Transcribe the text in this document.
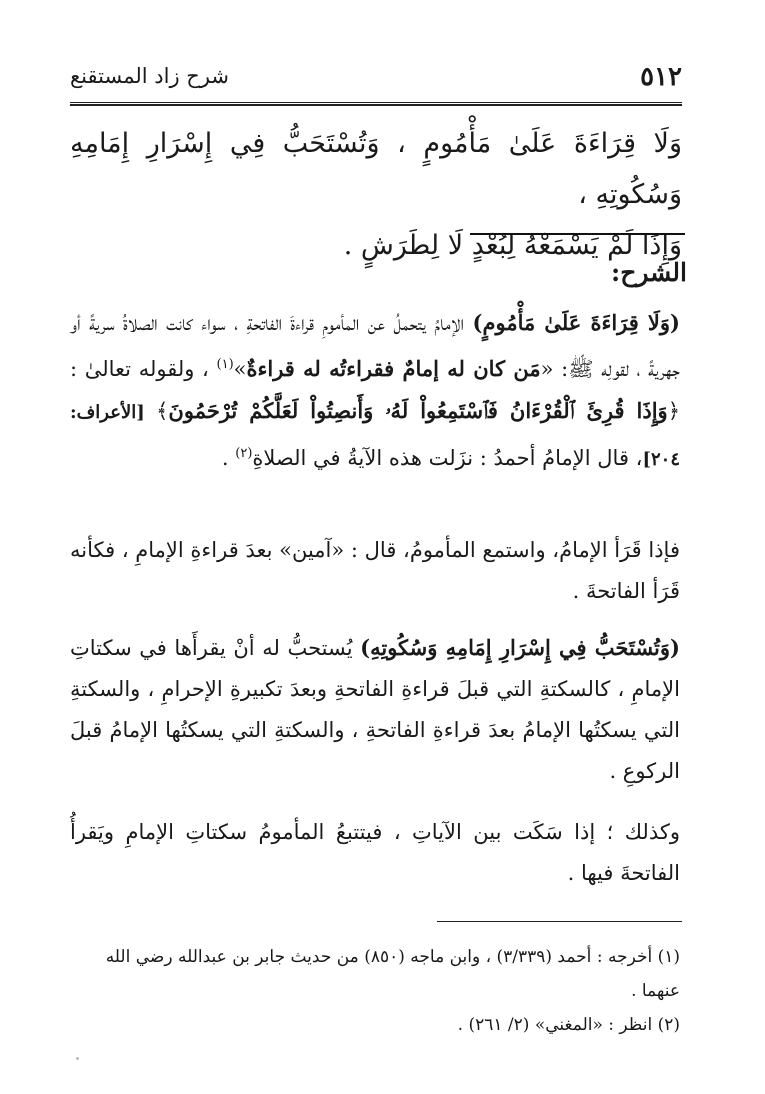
٥١٢
شرح زاد المستقنع
وَلَا قِرَاءَةَ عَلَىٰ مَأْمُومٍ ، وَتُسْتَحَبُّ فِي إِسْرَارِ إِمَامِهِ وَسُكُوتِهِ ،
وَإِذَا لَمْ يَسْمَعْهُ لِبُعْدٍ لَا لِطَرَشٍ .
الشرح:

(وَلَا قِرَاءَةَ عَلَىٰ مَأْمُومٍ) الإمامُ يتحملُ عن المأمومِ قراءةَ الفاتحةِ ، سواء كانت الصلاةُ سريةً أو جهريةً ، لقولِه ﷺ: «مَن كان له إمامٌ فقراءتُه له قراءةٌ»$^{(١)}$ ، ولقوله تعالىٰ : ﴿وَإِذَا قُرِئَ ٱلْقُرْءَانُ فَٱسْتَمِعُواْ لَهُۥ وَأَنصِتُواْ لَعَلَّكُمْ تُرْحَمُونَ﴾ [الأعراف: ٢٠٤]، قال الإمامُ أحمدُ : نزَلت هذه الآيةُ في الصلاةِ$^{(٢)}$ .

فإذا قَرَأ الإمامُ، واستمع المأمومُ، قال : «آمين» بعدَ قراءةِ الإمامِ ، فكأنه قَرَأ الفاتحةَ .

(وَتُسْتَحَبُّ فِي إِسْرَارِ إِمَامِهِ وَسُكُوتِهِ) يُستحبُّ له أنْ يقرأَها في سكتاتِ الإمامِ ، كالسكتةِ التي قبلَ قراءةِ الفاتحةِ وبعدَ تكبيرةِ الإحرامِ ، والسكتةِ التي يسكتُها الإمامُ بعدَ قراءةِ الفاتحةِ ، والسكتةِ التي يسكتُها الإمامُ قبلَ الركوعِ .

وكذلك ؛ إذا سَكَت بين الآياتِ ، فيتتبعُ المأمومُ سكتاتِ الإمامِ ويَقرأُ الفاتحةَ فيها .

(١) أخرجه : أحمد (٣/٣٣٩) ، وابن ماجه (٨٥٠) من حديث جابر بن عبدالله رضي الله عنهما .

(٢) انظر : «المغني» (٢/ ٢٦١) .
